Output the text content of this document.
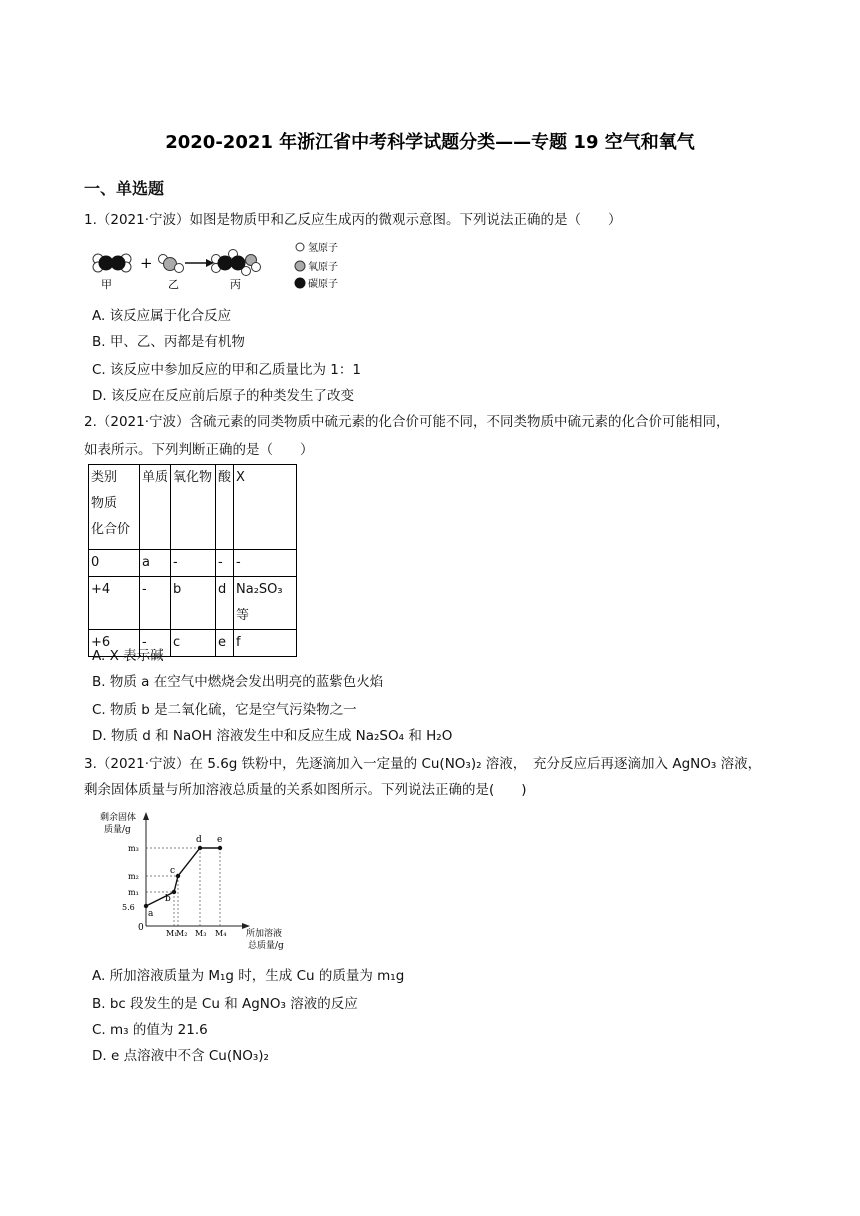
2020-2021 年浙江省中考科学试题分类——专题 19 空气和氧气
一、单选题
1.（2021·宁波）如图是物质甲和乙反应生成丙的微观示意图。下列说法正确的是（　　）
+
甲	乙	丙
氢原子
氧原子
碳原子
A. 该反应属于化合反应
B. 甲、乙、丙都是有机物
C. 该反应中参加反应的甲和乙质量比为 1：1
D. 该反应在反应前后原子的种类发生了改变
2.（2021·宁波）含硫元素的同类物质中硫元素的化合价可能不同，不同类物质中硫元素的化合价可能相同，
如表所示。下列判断正确的是（　　）
类别
物质
化合价	单质	氧化物	酸	X
0	a	-	-	-
+4	-	b	d	Na₂SO₃ 等
+6	-	c	e	f
A. X 表示碱
B. 物质 a 在空气中燃烧会发出明亮的蓝紫色火焰
C. 物质 b 是二氧化硫，它是空气污染物之一
D. 物质 d 和 NaOH 溶液发生中和反应生成 Na₂SO₄ 和 H₂O
3.（2021·宁波）在 5.6g 铁粉中，先逐滴加入一定量的 Cu(NO₃)₂ 溶液，　充分反应后再逐滴加入 AgNO₃ 溶液，
剩余固体质量与所加溶液总质量的关系如图所示。下列说法正确的是(　　)
剩余固体
质量/g
所加溶液
总质量/g
0
a
b
c
d e
m₃
m₂
m₁
5.6
M₁
M₂ M₃ M₄
A. 所加溶液质量为 M₁g 时，生成 Cu 的质量为 m₁g
B. bc 段发生的是 Cu 和 AgNO₃ 溶液的反应
C. m₃ 的值为 21.6
D. e 点溶液中不含 Cu(NO₃)₂
